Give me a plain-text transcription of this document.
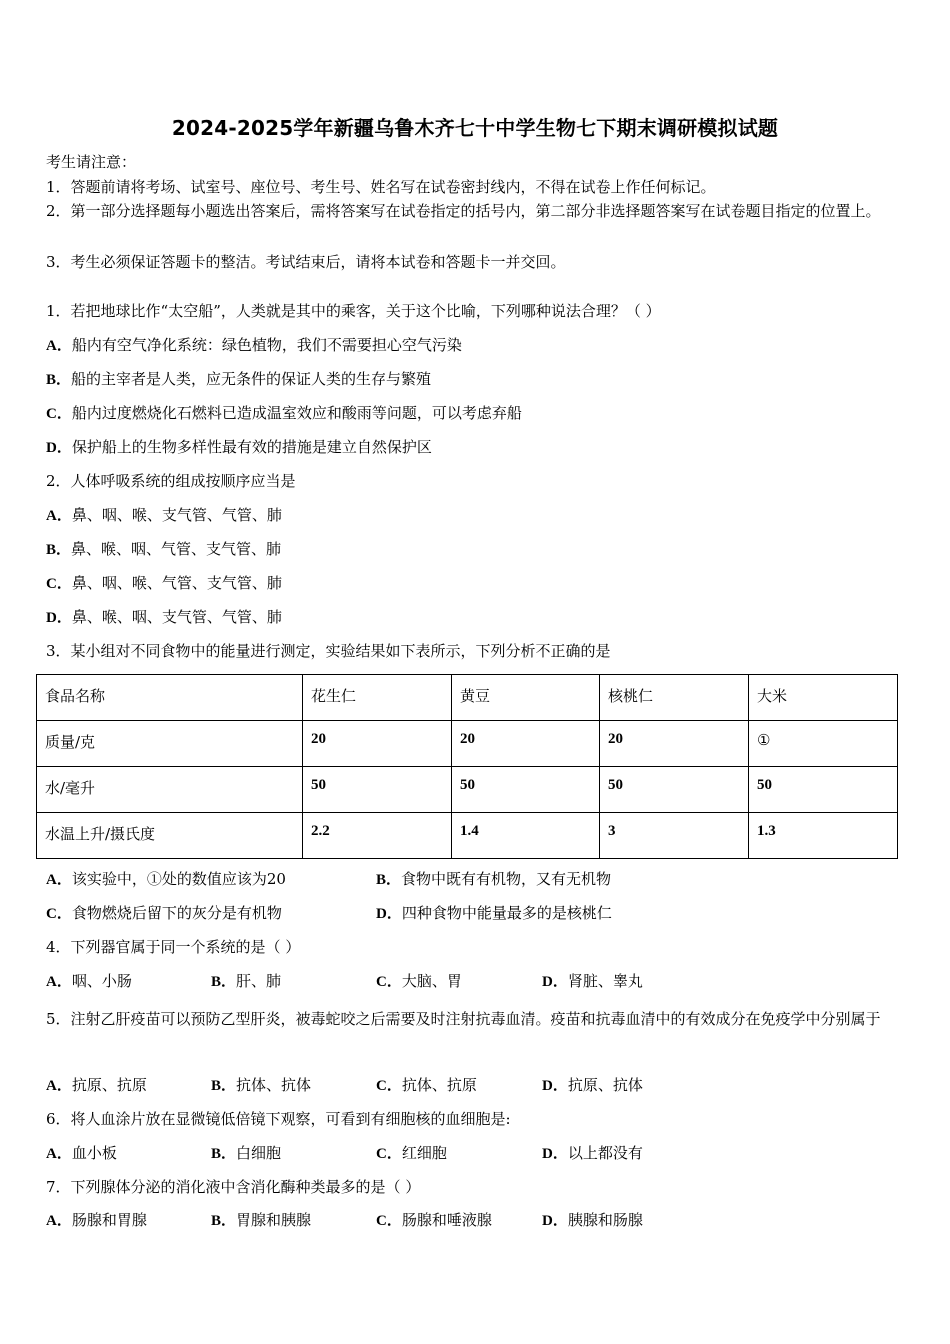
2024-2025学年新疆乌鲁木齐七十中学生物七下期末调研模拟试题
考生请注意：
1．答题前请将考场、试室号、座位号、考生号、姓名写在试卷密封线内，不得在试卷上作任何标记。
2．第一部分选择题每小题选出答案后，需将答案写在试卷指定的括号内，第二部分非选择题答案写在试卷题目指定的位置上。
3．考生必须保证答题卡的整洁。考试结束后，请将本试卷和答题卡一并交回。
1．若把地球比作“太空船”，人类就是其中的乘客，关于这个比喻，下列哪种说法合理？（ ）
A．船内有空气净化系统：绿色植物，我们不需要担心空气污染
B．船的主宰者是人类，应无条件的保证人类的生存与繁殖
C．船内过度燃烧化石燃料已造成温室效应和酸雨等问题，可以考虑弃船
D．保护船上的生物多样性最有效的措施是建立自然保护区
2．人体呼吸系统的组成按顺序应当是
A．鼻、咽、喉、支气管、气管、肺
B．鼻、喉、咽、气管、支气管、肺
C．鼻、咽、喉、气管、支气管、肺
D．鼻、喉、咽、支气管、气管、肺
3．某小组对不同食物中的能量进行测定，实验结果如下表所示，下列分析不正确的是
食品名称	花生仁	黄豆	核桃仁	大米
质量/克	20	20	20	①
水/毫升	50	50	50	50
水温上升/摄氏度	2.2	1.4	3	1.3
A．该实验中，①处的数值应该为20	B．食物中既有有机物，又有无机物
C．食物燃烧后留下的灰分是有机物	D．四种食物中能量最多的是核桃仁
4．下列器官属于同一个系统的是（ ）
A．咽、小肠	B．肝、肺	C．大脑、胃	D．肾脏、睾丸
5．注射乙肝疫苗可以预防乙型肝炎，被毒蛇咬之后需要及时注射抗毒血清。疫苗和抗毒血清中的有效成分在免疫学中分别属于
A．抗原、抗原	B．抗体、抗体	C．抗体、抗原	D．抗原、抗体
6．将人血涂片放在显微镜低倍镜下观察，可看到有细胞核的血细胞是:
A．血小板	B．白细胞	C．红细胞	D．以上都没有
7．下列腺体分泌的消化液中含消化酶种类最多的是（ ）
A．肠腺和胃腺	B．胃腺和胰腺	C．肠腺和唾液腺	D．胰腺和肠腺
